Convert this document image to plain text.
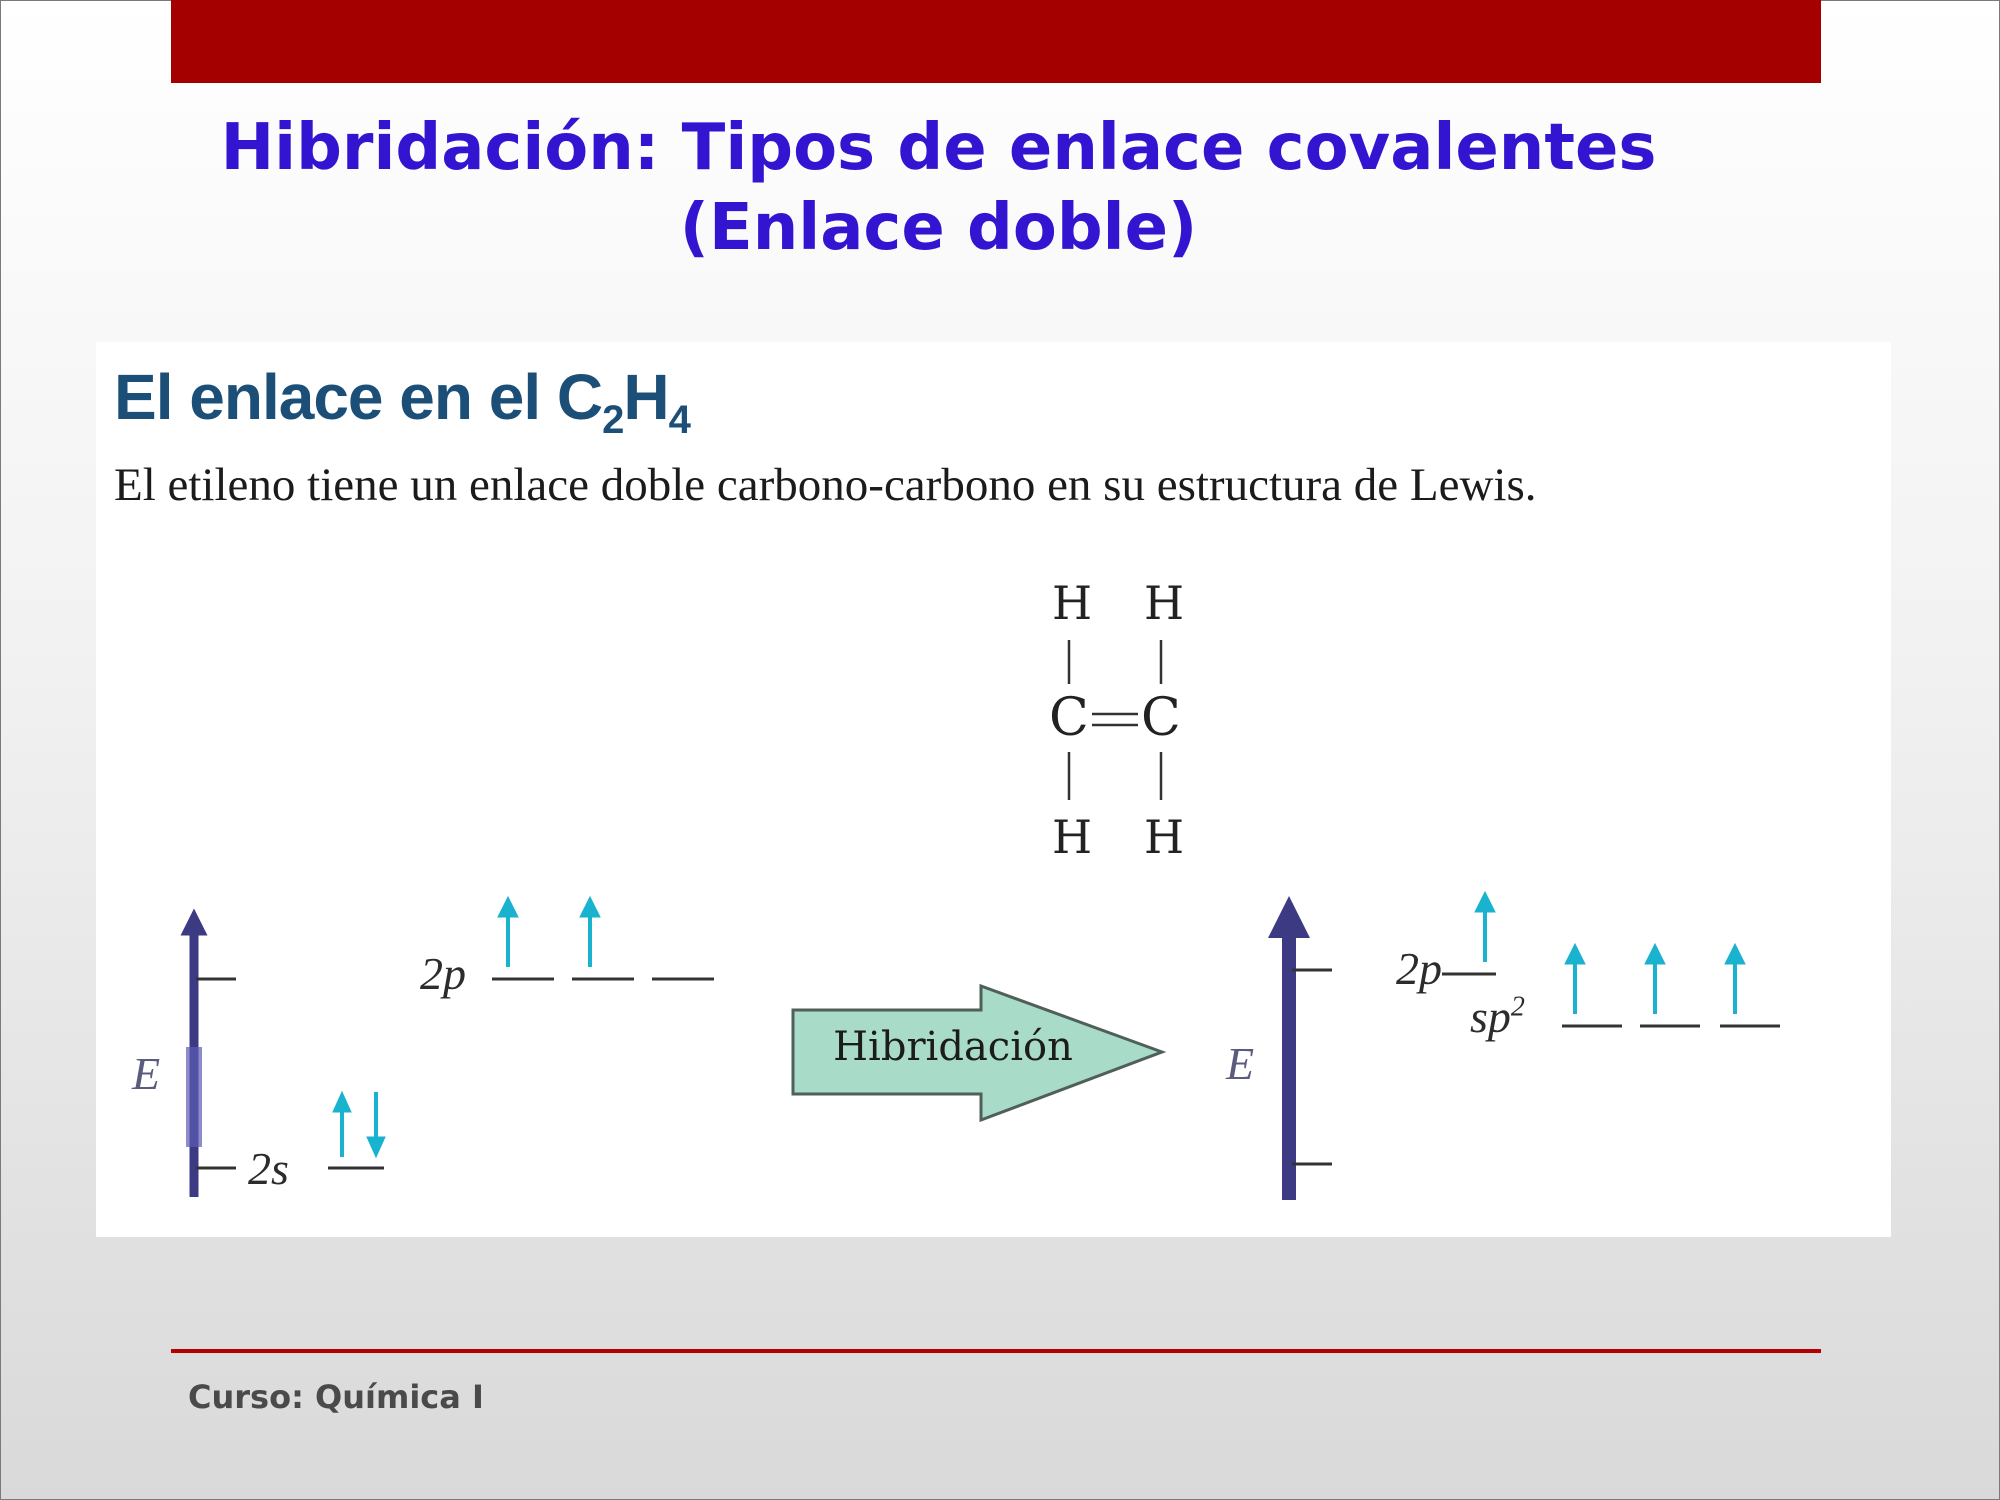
Hibridación: Tipos de enlace covalentes
(Enlace doble)
El enlace en el $C_2H_4$
El etileno tiene un enlace doble carbono-carbono en su estructura de Lewis.
H H
C C
H H
E
2p
2s
Hibridación	E
2p
$sp^2$
Curso: Química I
